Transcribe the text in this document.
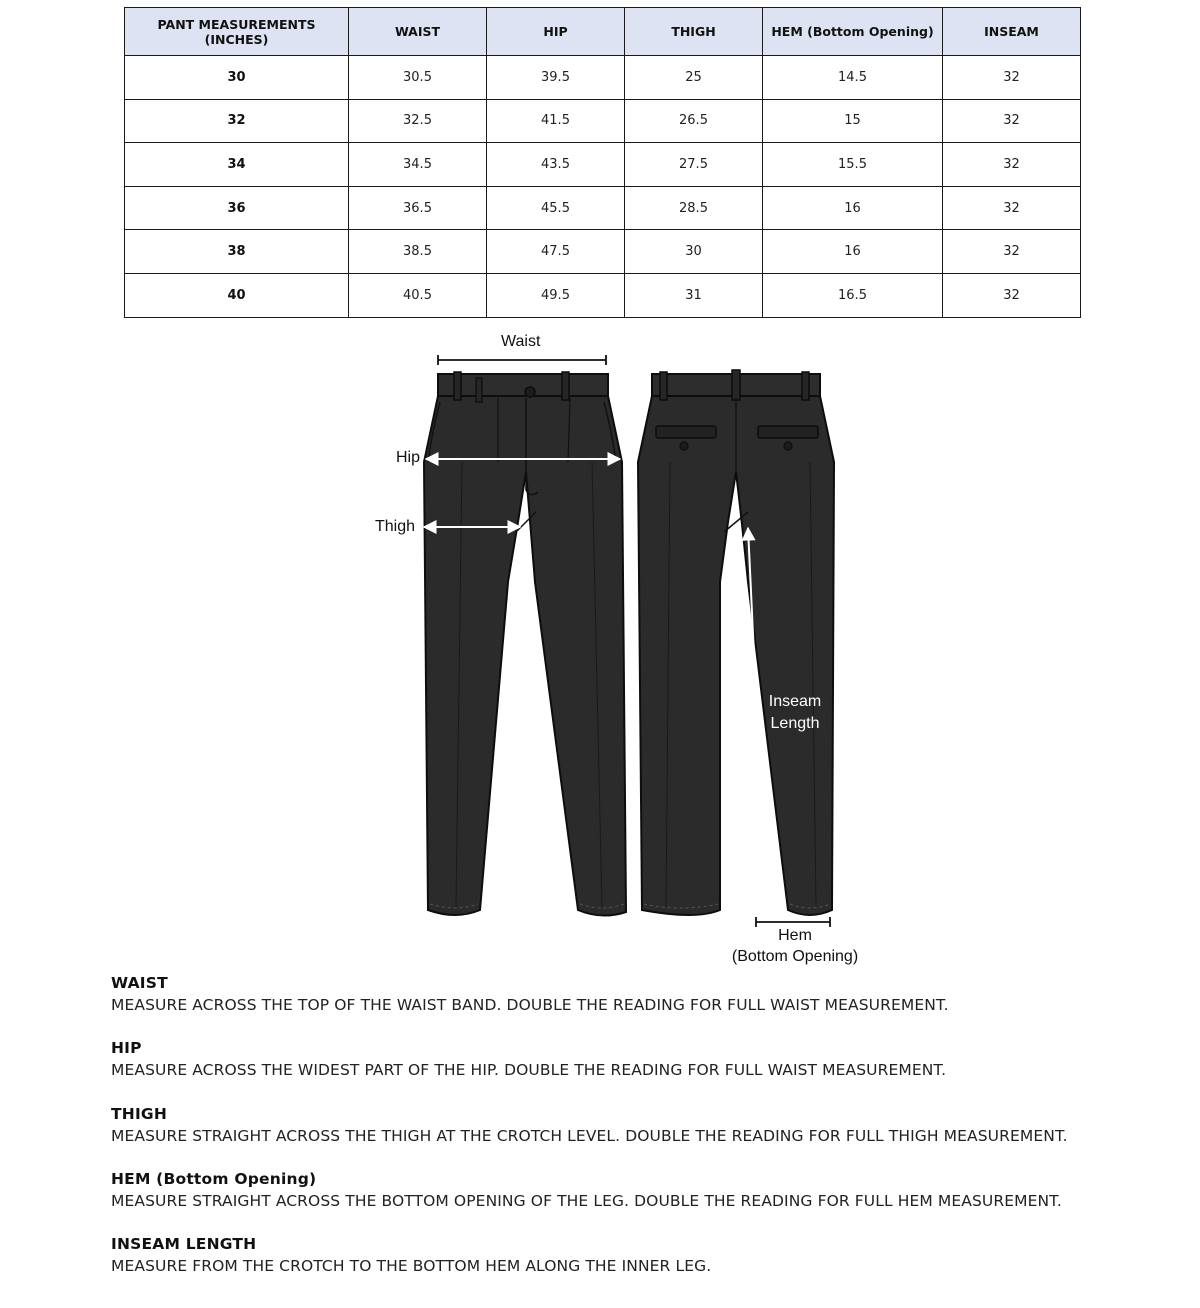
PANT MEASUREMENTS (INCHES)	WAIST	HIP	THIGH	HEM (Bottom Opening)	INSEAM
30	30.5	39.5	25	14.5	32
32	32.5	41.5	26.5	15	32
34	34.5	43.5	27.5	15.5	32
36	36.5	45.5	28.5	16	32
38	38.5	47.5	30	16	32
40	40.5	49.5	31	16.5	32
Waist
Hip
Thigh
Inseam
Length
Hem
(Bottom Opening)
WAIST
MEASURE ACROSS THE TOP OF THE WAIST BAND. DOUBLE THE READING FOR FULL WAIST MEASUREMENT.
HIP
MEASURE ACROSS THE WIDEST PART OF THE HIP. DOUBLE THE READING FOR FULL WAIST MEASUREMENT.
THIGH
MEASURE STRAIGHT ACROSS THE THIGH AT THE CROTCH LEVEL. DOUBLE THE READING FOR FULL THIGH MEASUREMENT.
HEM (Bottom Opening)
MEASURE STRAIGHT ACROSS THE BOTTOM OPENING OF THE LEG. DOUBLE THE READING FOR FULL HEM MEASUREMENT.
INSEAM LENGTH
MEASURE FROM THE CROTCH TO THE BOTTOM HEM ALONG THE INNER LEG.
